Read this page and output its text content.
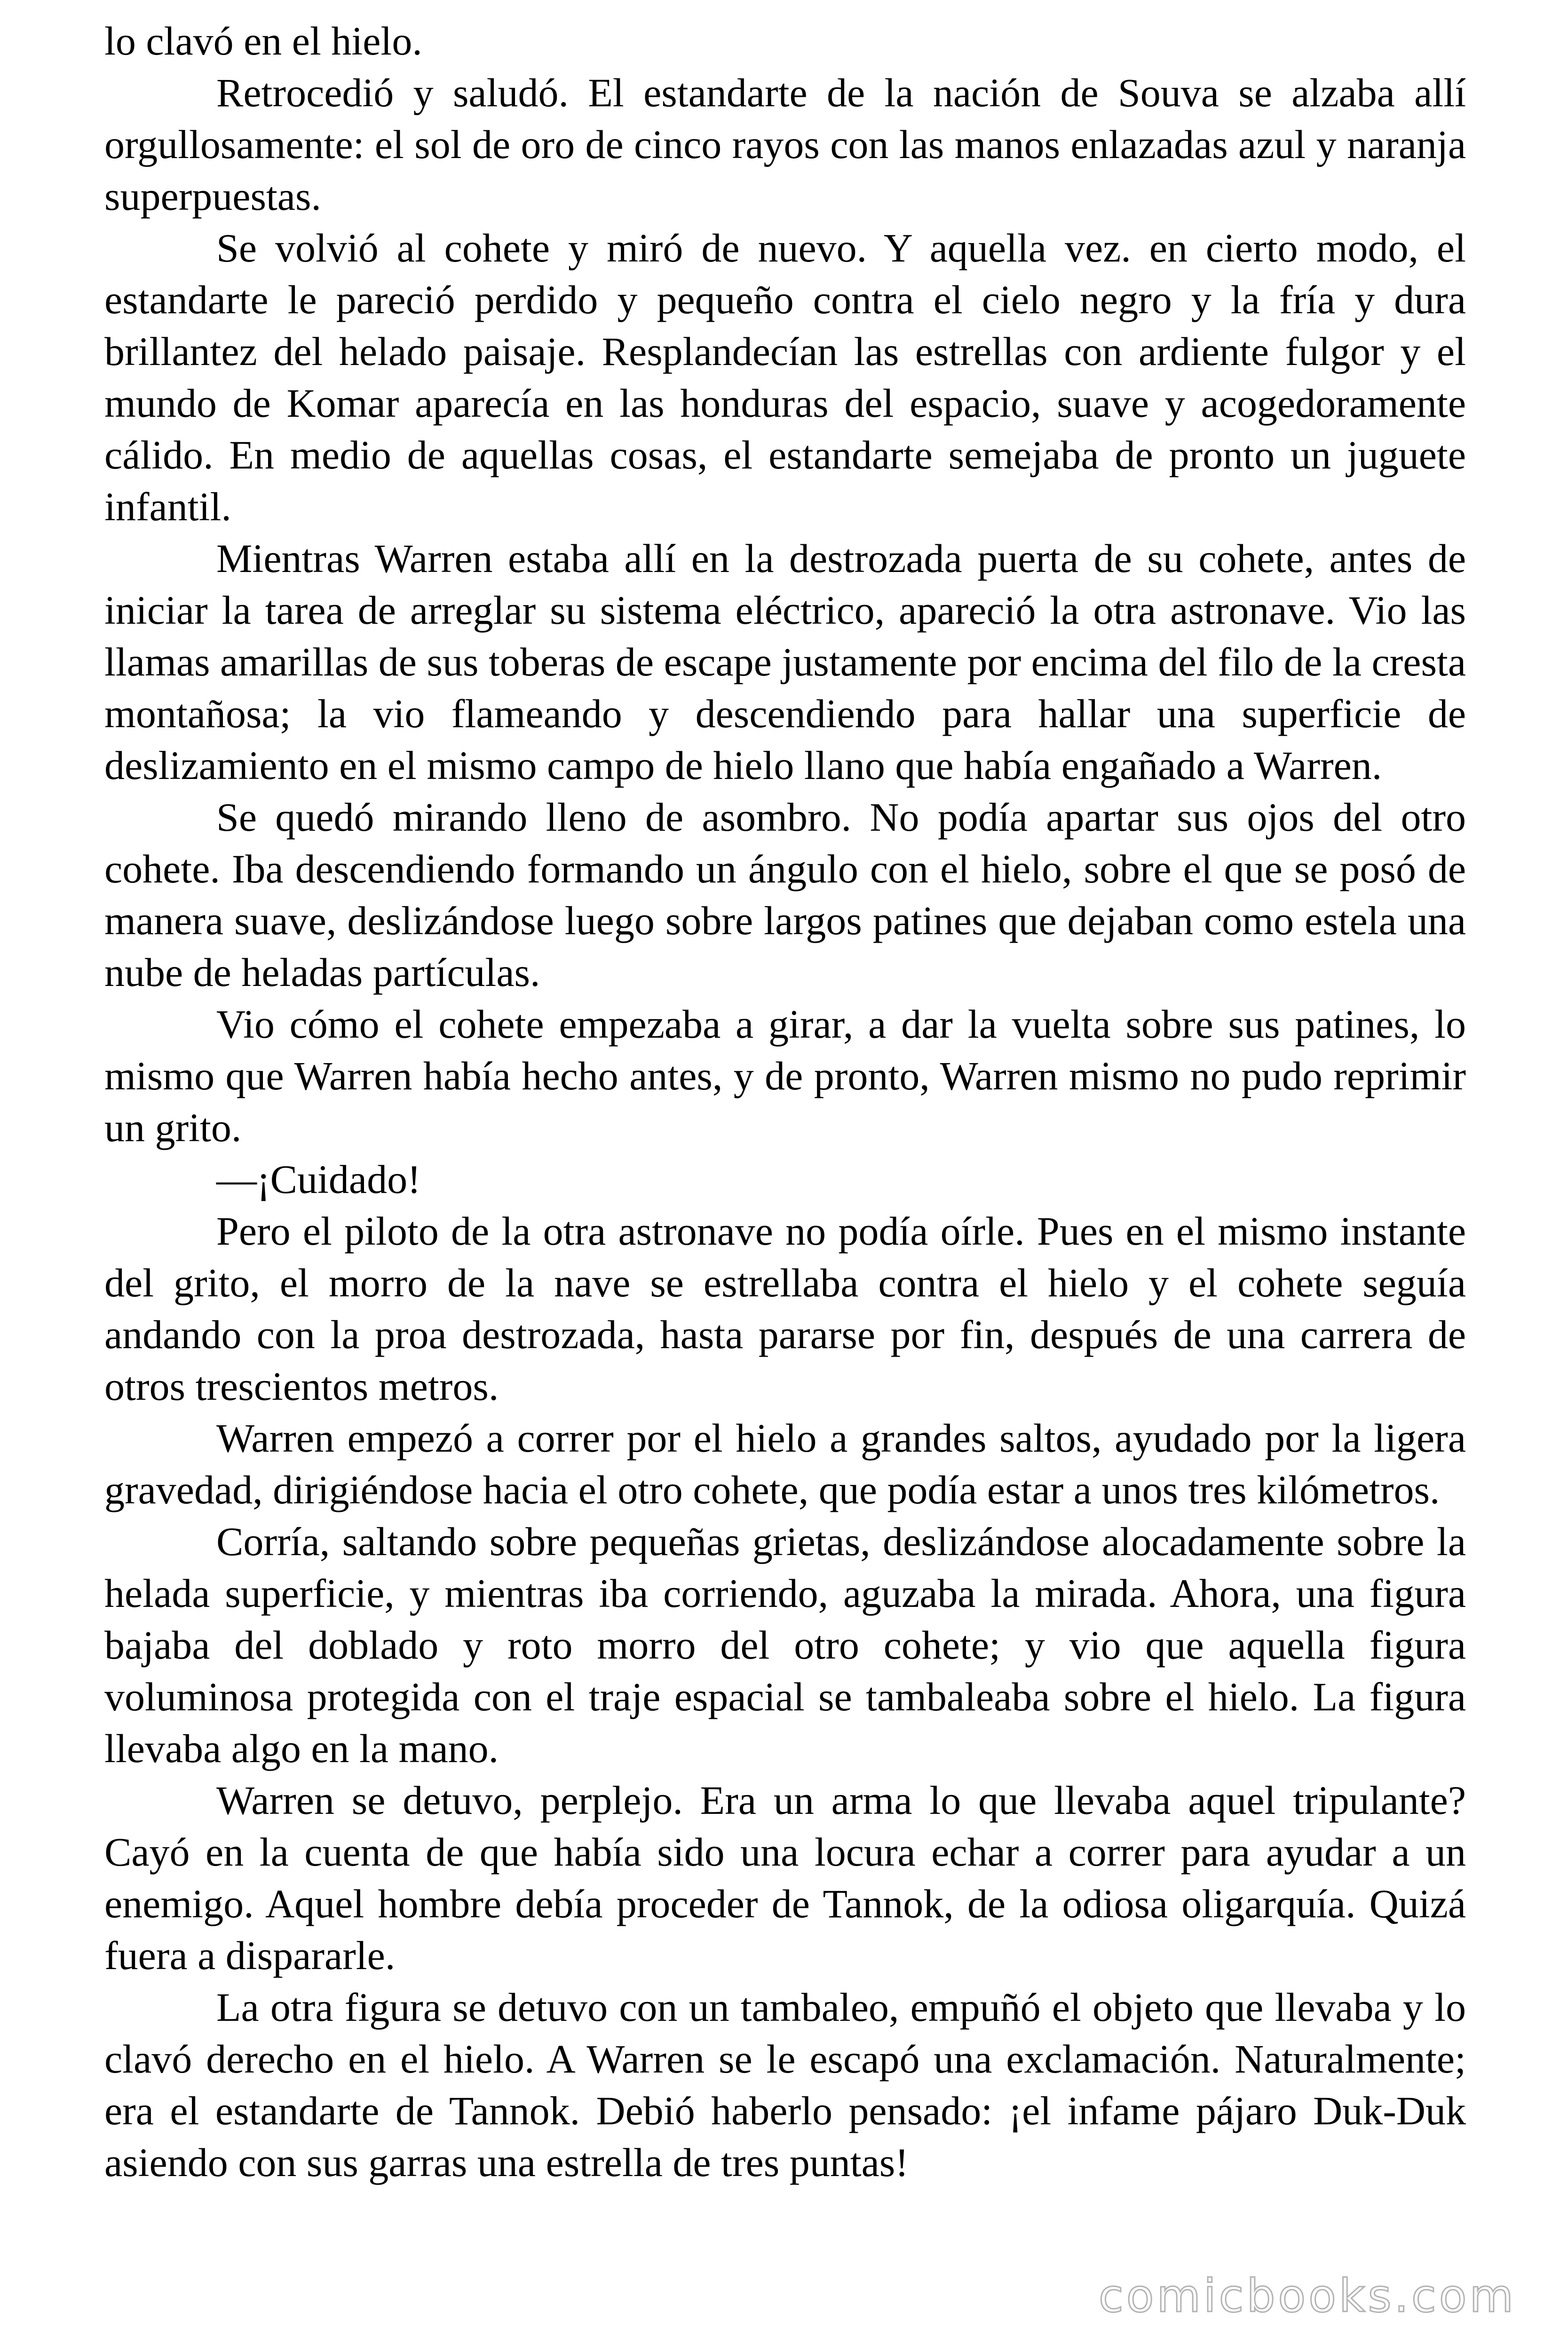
lo clavó en el hielo.

Retrocedió y saludó. El estandarte de la nación de Souva se alzaba allí orgullosamente: el sol de oro de cinco rayos con las manos enlazadas azul y naranja superpuestas.

Se volvió al cohete y miró de nuevo. Y aquella vez. en cierto modo, el estandarte le pareció perdido y pequeño contra el cielo negro y la fría y dura brillantez del helado paisaje. Resplandecían las estrellas con ardiente fulgor y el mundo de Komar aparecía en las honduras del espacio, suave y acogedoramente cálido. En medio de aquellas cosas, el estandarte semejaba de pronto un juguete infantil.

Mientras Warren estaba allí en la destrozada puerta de su cohete, antes de iniciar la tarea de arreglar su sistema eléctrico, apareció la otra astronave. Vio las llamas amarillas de sus toberas de escape justamente por encima del filo de la cresta montañosa; la vio flameando y descendiendo para hallar una superficie de deslizamiento en el mismo campo de hielo llano que había engañado a Warren.

Se quedó mirando lleno de asombro. No podía apartar sus ojos del otro cohete. Iba descendiendo formando un ángulo con el hielo, sobre el que se posó de manera suave, deslizándose luego sobre largos patines que dejaban como estela una nube de heladas partículas.

Vio cómo el cohete empezaba a girar, a dar la vuelta sobre sus patines, lo mismo que Warren había hecho antes, y de pronto, Warren mismo no pudo reprimir un grito.

—¡Cuidado!

Pero el piloto de la otra astronave no podía oírle. Pues en el mismo instante del grito, el morro de la nave se estrellaba contra el hielo y el cohete seguía andando con la proa destrozada, hasta pararse por fin, después de una carrera de otros trescientos metros.

Warren empezó a correr por el hielo a grandes saltos, ayudado por la ligera gravedad, dirigiéndose hacia el otro cohete, que podía estar a unos tres kilómetros.

Corría, saltando sobre pequeñas grietas, deslizándose alocadamente sobre la helada superficie, y mientras iba corriendo, aguzaba la mirada. Ahora, una figura bajaba del doblado y roto morro del otro cohete; y vio que aquella figura voluminosa protegida con el traje espacial se tambaleaba sobre el hielo. La figura llevaba algo en la mano.

Warren se detuvo, perplejo. Era un arma lo que llevaba aquel tripulante? Cayó en la cuenta de que había sido una locura echar a correr para ayudar a un enemigo. Aquel hombre debía proceder de Tannok, de la odiosa oligarquía. Quizá fuera a dispararle.

La otra figura se detuvo con un tambaleo, empuñó el objeto que llevaba y lo clavó derecho en el hielo. A Warren se le escapó una exclamación. Naturalmente; era el estandarte de Tannok. Debió haberlo pensado: ¡el infame pájaro Duk-Duk asiendo con sus garras una estrella de tres puntas!

comicbooks.com
